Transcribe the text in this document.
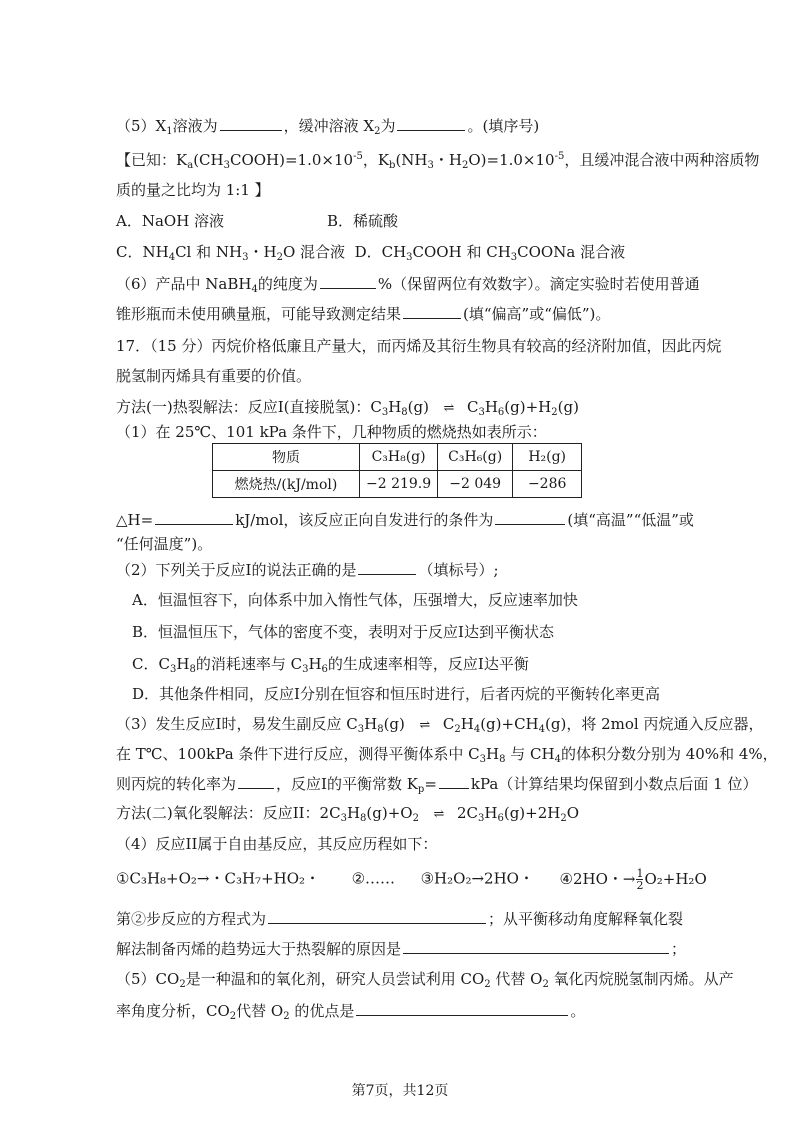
$(5)X_1$溶液为	，缓冲溶液 $X_2$为	。(填序号)
【已知：$K_a(CH_3COOH)=1.0\times 10^{-5}$，$K_b(NH_3$・$H_2O)=1.0\times 10^{-5}$，且缓冲混合液中两种溶质物
质的量之比均为 1:1 】
A．NaOH 溶液	B．稀硫酸
C．$NH_4Cl$ 和 $NH_3$・$H_2O$ 混合液 D．$CH_3COOH$ 和 $CH_3COONa$ 混合液
（6）产品中 NaBH$_4$的纯度为	%（保留两位有效数字）。滴定实验时若使用普通
锥形瓶而未使用碘量瓶，可能导致测定结果	(填“偏高”或“偏低”)。
17．（15 分）丙烷价格低廉且产量大，而丙烯及其衍生物具有较高的经济附加值，因此丙烷
脱氢制丙烯具有重要的价值。
方法(一)热裂解法：反应I(直接脱氢)：$C_3H_8(g)$ ⇌ $C_3H_6(g)+H_2(g)$
（1）在 25℃、101 kPa 条件下，几种物质的燃烧热如表所示：
物质	C₃H₈(g)	C₃H₆(g)	H₂(g)
燃烧热/(kJ/mol)	−2 219.9	−2 049	−286
△H=	kJ/mol，该反应正向自发进行的条件为	(填“高温”“低温”或
“任何温度”)。
（2）下列关于反应I的说法正确的是	（填标号）;
A．恒温恒容下，向体系中加入惰性气体，压强增大，反应速率加快
B．恒温恒压下，气体的密度不变，表明对于反应I达到平衡状态
C．$C_3H_8$的消耗速率与 $C_3H_6$的生成速率相等，反应I达平衡
D．其他条件相同，反应I分别在恒容和恒压时进行，后者丙烷的平衡转化率更高
（3）发生反应I时，易发生副反应 $C_3H_8(g)$ ⇌ $C_2H_4(g)+CH_4(g)$，将 2mol 丙烷通入反应器，
在 T℃、100kPa 条件下进行反应，测得平衡体系中 $C_3H_8$ 与 $CH_4$的体积分数分别为 40%和 4%，
则丙烷的转化率为	，反应I的平衡常数 $K_p= kPa$（计算结果均保留到小数点后面 1 位）
方法(二)氧化裂解法：反应II：$2C_3H_8(g)+O_2$ ⇌ $2C_3H_6(g)+2H_2O$
（4）反应II属于自由基反应，其反应历程如下：
①C₃H₈+O₂→・C₃H₇+HO₂・ ②…… ③H₂O₂→2HO・ ④2HO・→ $\frac{1}{2} O_2+H_2O$
第②步反应的方程式为	；从平衡移动角度解释氧化裂
解法制备丙烯的趋势远大于热裂解的原因是	；
$(5)CO_2$是一种温和的氧化剂，研究人员尝试利用 $CO_2$ 代替 $O_2$ 氧化丙烷脱氢制丙烯。从产
率角度分析，$CO_2$代替 $O_2$ 的优点是	。
第7页，共12页
